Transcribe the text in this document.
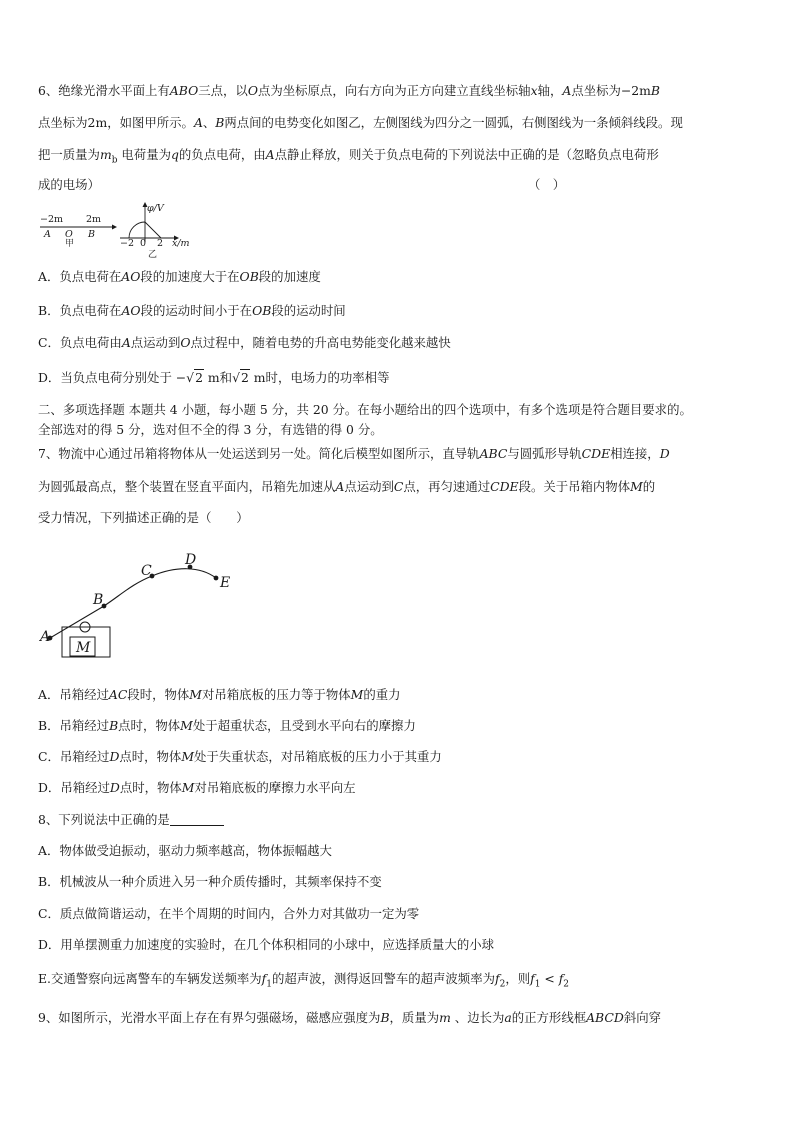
6、绝缘光滑水平面上有ABO三点，以O点为坐标原点，向右方向为正方向建立直线坐标轴x轴，A点坐标为−2mB
点坐标为2m，如图甲所示。A、B两点间的电势变化如图乙，左侧图线为四分之一圆弧，右侧图线为一条倾斜线段。现
把一质量为$m_b$ 电荷量为q的负点电荷，由A点静止释放，则关于负点电荷的下列说法中正确的是（忽略负点电荷形
成的电场）	（　）
−2m 2m
A O B
甲
φ/V
−2 0 2 x/m
乙
A．负点电荷在AO段的加速度大于在OB段的加速度
B．负点电荷在AO段的运动时间小于在OB段的运动时间
C．负点电荷由A点运动到O点过程中，随着电势的升高电势能变化越来越快
D．当负点电荷分别处于 −√2 m和√2 m时，电场力的功率相等
二、多项选择题 本题共 4 小题，每小题 5 分，共 20 分。在每小题给出的四个选项中，有多个选项是符合题目要求的。
全部选对的得 5 分，选对但不全的得 3 分，有选错的得 0 分。
7、物流中心通过吊箱将物体从一处运送到另一处。简化后模型如图所示，直导轨ABC与圆弧形导轨CDE相连接，D
为圆弧最高点，整个装置在竖直平面内，吊箱先加速从A点运动到C点，再匀速通过CDE段。关于吊箱内物体M的
受力情况，下列描述正确的是（　　）
A
B
C
D
E
M
A．吊箱经过AC段时，物体M对吊箱底板的压力等于物体M的重力
B．吊箱经过B点时，物体M处于超重状态，且受到水平向右的摩擦力
C．吊箱经过D点时，物体M处于失重状态，对吊箱底板的压力小于其重力
D．吊箱经过D点时，物体M对吊箱底板的摩擦力水平向左
8、下列说法中正确的是
A．物体做受迫振动，驱动力频率越高，物体振幅越大
B．机械波从一种介质进入另一种介质传播时，其频率保持不变
C．质点做简谐运动，在半个周期的时间内，合外力对其做功一定为零
D．用单摆测重力加速度的实验时，在几个体积相同的小球中，应选择质量大的小球
E.交通警察向远离警车的车辆发送频率为$f_1$的超声波，测得返回警车的超声波频率为$f_2$，则$f_1 < f_2$
9、如图所示，光滑水平面上存在有界匀强磁场，磁感应强度为B，质量为m 、边长为a的正方形线框ABCD斜向穿
